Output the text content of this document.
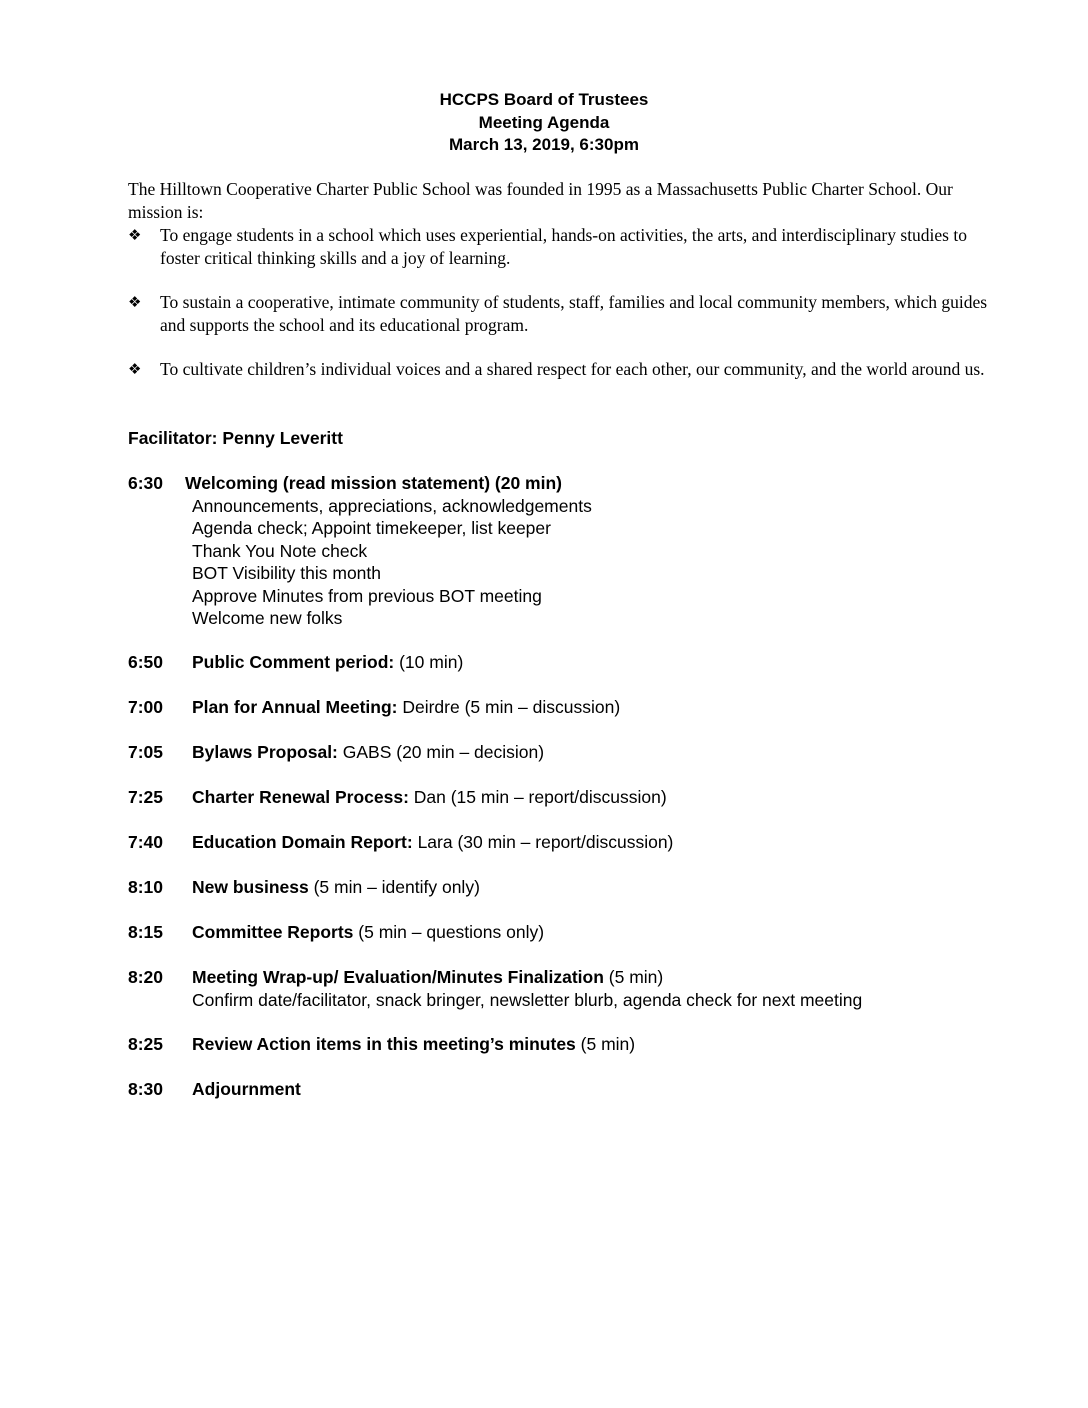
HCCPS Board of Trustees
Meeting Agenda
March 13, 2019, 6:30pm
The Hilltown Cooperative Charter Public School was founded in 1995 as a Massachusetts Public Charter School. Our mission is:
❖	To engage students in a school which uses experiential, hands-on activities, the arts, and interdisciplinary studies to foster critical thinking skills and a joy of learning.
❖	To sustain a cooperative, intimate community of students, staff, families and local community members, which guides and supports the school and its educational program.
❖	To cultivate children’s individual voices and a shared respect for each other, our community, and the world around us.
Facilitator: Penny Leveritt
6:30 Welcoming (read mission statement) (20 min)
Announcements, appreciations, acknowledgements
Agenda check; Appoint timekeeper, list keeper
Thank You Note check
BOT Visibility this month
Approve Minutes from previous BOT meeting
Welcome new folks
6:50 Public Comment period: (10 min)
7:00 Plan for Annual Meeting: Deirdre (5 min – discussion)
7:05 Bylaws Proposal: GABS (20 min – decision)
7:25 Charter Renewal Process: Dan (15 min – report/discussion)
7:40 Education Domain Report: Lara (30 min – report/discussion)
8:10 New business (5 min – identify only)
8:15 Committee Reports (5 min – questions only)
8:20 Meeting Wrap-up/ Evaluation/Minutes Finalization (5 min)
Confirm date/facilitator, snack bringer, newsletter blurb, agenda check for next meeting
8:25 Review Action items in this meeting’s minutes (5 min)
8:30 Adjournment
